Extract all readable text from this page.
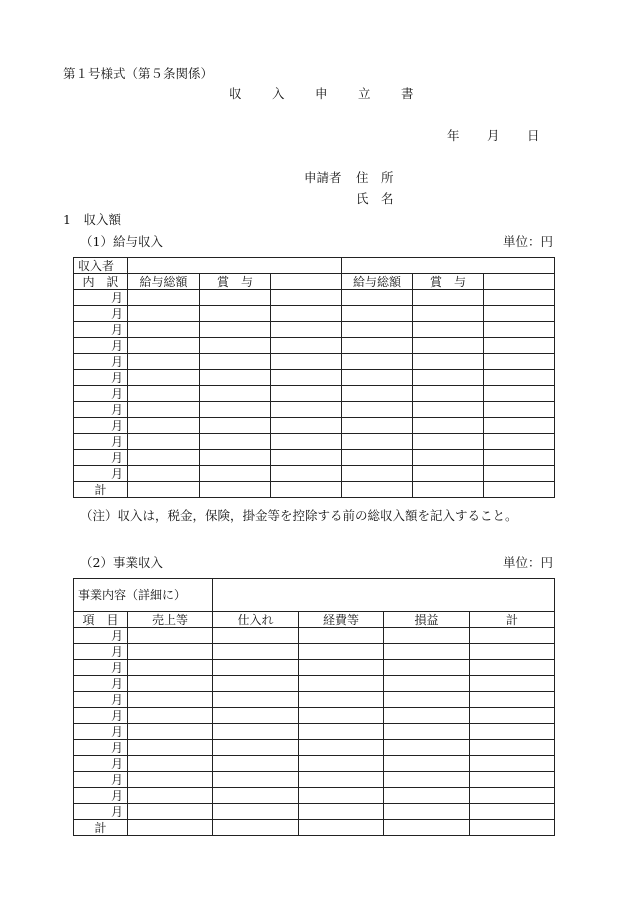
第１号様式（第５条関係）
収 入 申 立 書
年 月 日
申請者 住　所
氏　名
1　収入額
（1）給与収入	単位：円
収入者						
内　訳	給与総額	賞　与		給与総額	賞　与	
月						
月						
月						
月						
月						
月						
月						
月						
月						
月						
月						
月						
計						
（注）収入は，税金，保険，掛金等を控除する前の総収入額を記入すること。
（2）事業収入	単位：円
事業内容（詳細に）					
項　目	売上等	仕入れ	経費等	損益	計
月					
月					
月					
月					
月					
月					
月					
月					
月					
月					
月					
月					
計					
